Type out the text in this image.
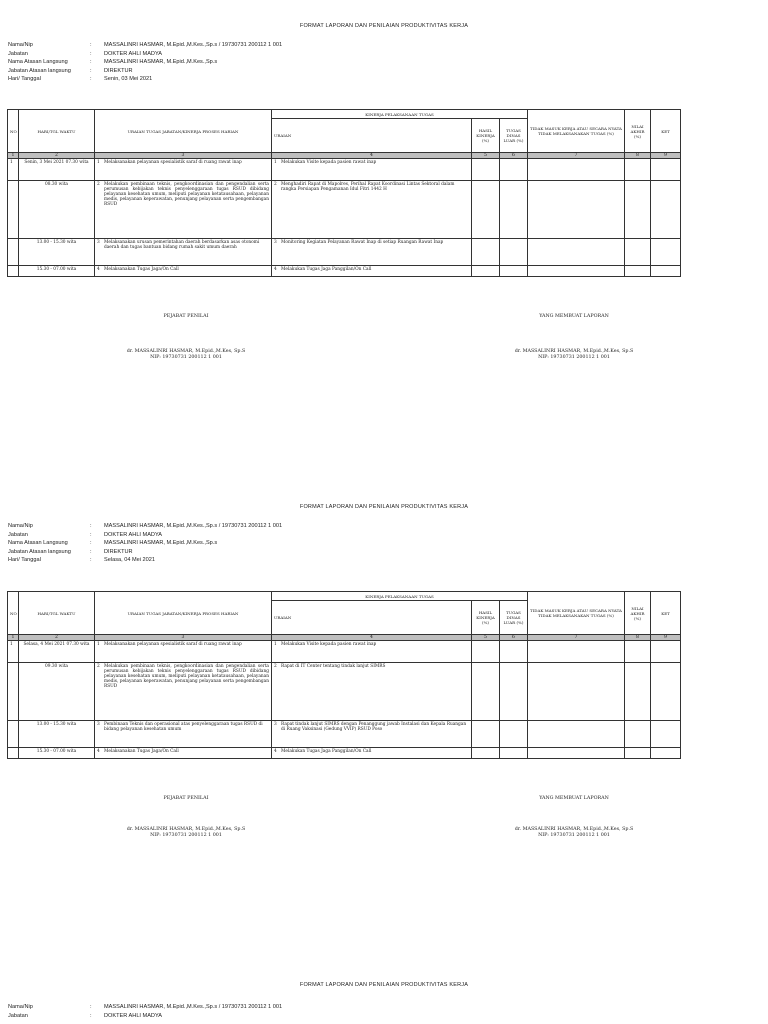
FORMAT LAPORAN DAN PENILAIAN PRODUKTIVITAS KERJA
Nama/Nip	:	MASSALINRI HASMAR, M.Epid.,M.Kes.,Sp.s / 19730731 200112 1 001
Jabatan	:	DOKTER AHLI MADYA
Nama Atasan Langsung	:	MASSALINRI HASMAR, M.Epid.,M.Kes.,Sp.s
Jabatan Atasan langsung	:	DIREKTUR
Hari/ Tanggal	:	Senin, 03 Mei 2021
NO	HARI/TGL WAKTU	URAIAN TUGAS JABATAN/KINERJA PROSES HARIAN	KINERJA PELAKSANAAN TUGAS			TIDAK MASUK KERJA ATAU SECARA NYATA TIDAK MELAKSANAKAN TUGAS (%)	NILAI AKHIR (%)	KET
			URAIAN	HASIL KINERJA (%)	TUGAS DINAS LUAR (%)			
1	2	3	4	5	6	7	8	9
1	Senin, 3 Mei 2021 07.30 wita	1 Melaksanakan pelayanan spesialistik saraf di ruang rawat inap	1 Melakukan Visite kepada pasien rawat inap					

	08.30 wita	2 Melakukan pembinaan teknis, pengkoordinasian dan pengendalian serta perumusan kebijakan teknis penyelenggaraan tugas RSUD dibidang pelayanan kesehatan umum, meliputi pelayanan ketatausahaan, pelayanan medis, pelayanan keperawatan, penunjang pelayanan serta pengembangan RSUD	2 Menghadiri Rapat di Mapolres, Perihal Rapat Koordinasi Lintas Sektoral dalam rangka Persiapan Pengamanan Idul Fitri 1442 H					

	13.00 - 15.30 wita	3 Melaksanakan urusan pemerintahan daerah berdasarkan asas otonomi daerah dan tugas bantuan bidang rumah sakit umum daerah	3 Monitoring Kegiatan Pelayanan Rawat Inap di setiap Ruangan Rawat Inap					

	15.30 - 07.00 wita	4 Melaksanakan Tugas Jaga/On Call	4 Melakukan Tugas Jaga Panggilan/On Call					

PEJABAT PENILAI	YANG MEMBUAT LAPORAN
dr. MASSALINRI HASMAR, M.Epid.,M.Kes, Sp.S
NIP: 19730731 200112 1 001
dr. MASSALINRI HASMAR, M.Epid.,M.Kes, Sp.S
NIP: 19730731 200112 1 001
FORMAT LAPORAN DAN PENILAIAN PRODUKTIVITAS KERJA
Nama/Nip	:	MASSALINRI HASMAR, M.Epid.,M.Kes.,Sp.s / 19730731 200112 1 001
Jabatan	:	DOKTER AHLI MADYA
Nama Atasan Langsung	:	MASSALINRI HASMAR, M.Epid.,M.Kes.,Sp.s
Jabatan Atasan langsung	:	DIREKTUR
Hari/ Tanggal	:	Selasa, 04 Mei 2021
NO	HARI/TGL WAKTU	URAIAN TUGAS JABATAN/KINERJA PROSES HARIAN	KINERJA PELAKSANAAN TUGAS			TIDAK MASUK KERJA ATAU SECARA NYATA TIDAK MELAKSANAKAN TUGAS (%)	NILAI AKHIR (%)	KET
			URAIAN	HASIL KINERJA (%)	TUGAS DINAS LUAR (%)			
1	2	3	4	5	6	7	8	9
1	Selasa, 4 Mei 2021 07.30 wita	1 Melaksanakan pelayanan spesialistik saraf di ruang rawat inap	1 Melakukan Visite kepada pasien rawat inap					

	09.30 wita	2 Melakukan pembinaan teknis, pengkoordinasian dan pengendalian serta perumusan kebijakan teknis penyelenggaraan tugas RSUD dibidang pelayanan kesehatan umum, meliputi pelayanan ketatausahaan, pelayanan medis, pelayanan keperawatan, penunjang pelayanan serta pengembangan RSUD	2 Rapat di IT Center tentang tindak lanjut SIMRS					

	13.00 - 15.30 wita	3 Pembinaan Teknis dan operasional atas penyelenggaraan tugas RSUD di bidang pelayanan kesehatan umum	3 Rapat tindak lanjut SIMRS dengan Penanggung jawab Instalasi dan Kepala Ruangan di Ruang Vaksinasi (Gedung VVIP) RSUD Poso					

	15.30 - 07.00 wita	4 Melaksanakan Tugas Jaga/On Call	4 Melakukan Tugas Jaga Panggilan/On Call					

PEJABAT PENILAI	YANG MEMBUAT LAPORAN
dr. MASSALINRI HASMAR, M.Epid.,M.Kes, Sp.S
NIP: 19730731 200112 1 001
dr. MASSALINRI HASMAR, M.Epid.,M.Kes, Sp.S
NIP: 19730731 200112 1 001
FORMAT LAPORAN DAN PENILAIAN PRODUKTIVITAS KERJA
Nama/Nip	:	MASSALINRI HASMAR, M.Epid.,M.Kes.,Sp.s / 19730731 200112 1 001
Jabatan	:	DOKTER AHLI MADYA
